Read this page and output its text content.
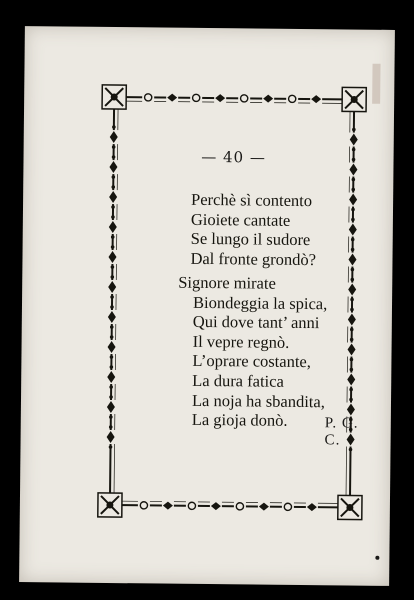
— 40 —
Perchè sì contento
Gioiete cantate
Se lungo il sudore
Dal fronte grondò?
Signore mirate
Biondeggia la spica,
Qui dove tant’ anni
Il vepre regnò.
L’oprare costante,
La dura fatica
La noja ha sbandita,
La gioja donò.	P. G. C.
